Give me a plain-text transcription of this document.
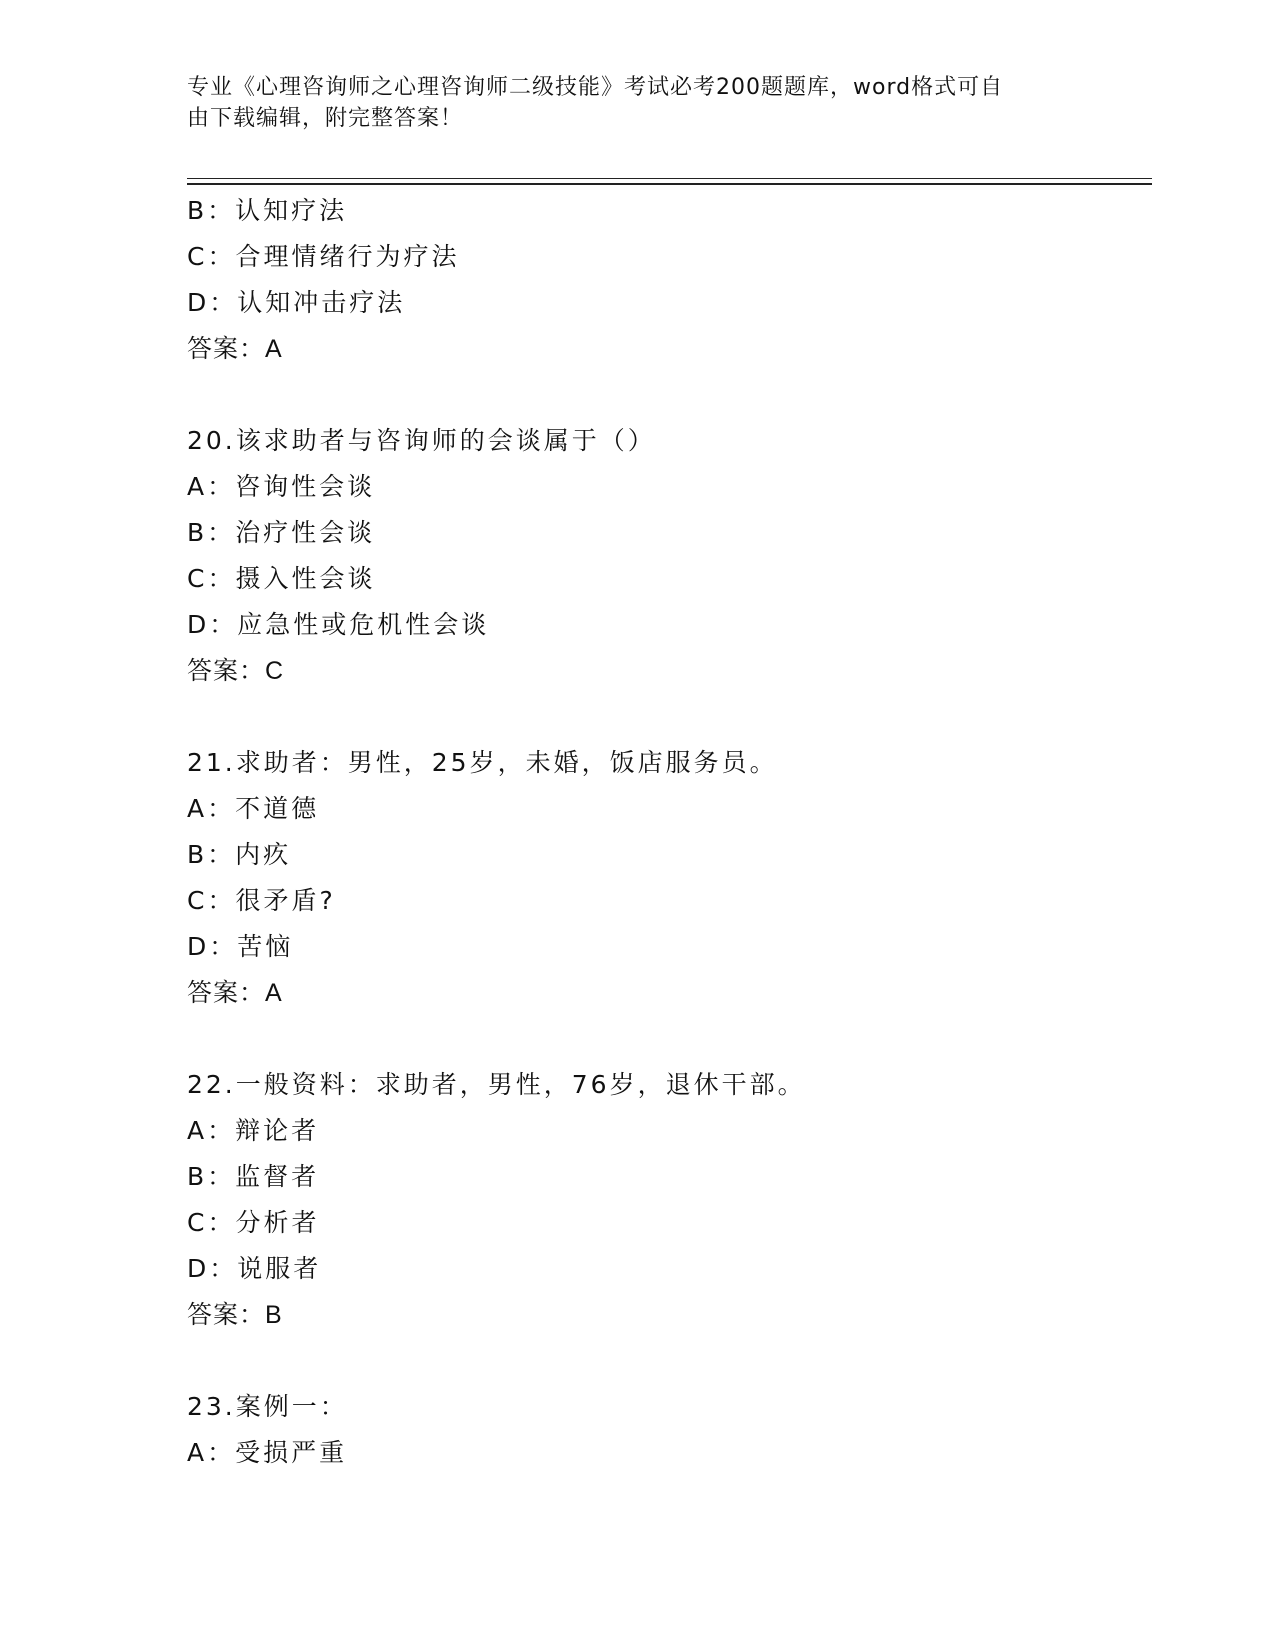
专业《心理咨询师之心理咨询师二级技能》考试必考200题题库，word格式可自
由下载编辑，附完整答案！
B：认知疗法
C：合理情绪行为疗法
D：认知冲击疗法
答案：A
20.该求助者与咨询师的会谈属于（）
A：咨询性会谈
B：治疗性会谈
C：摄入性会谈
D：应急性或危机性会谈
答案：C
21.求助者：男性，25岁，未婚，饭店服务员。
A：不道德
B：内疚
C：很矛盾?
D：苦恼
答案：A
22.一般资料：求助者，男性，76岁，退休干部。
A：辩论者
B：监督者
C：分析者
D：说服者
答案：B
23.案例一：
A：受损严重
